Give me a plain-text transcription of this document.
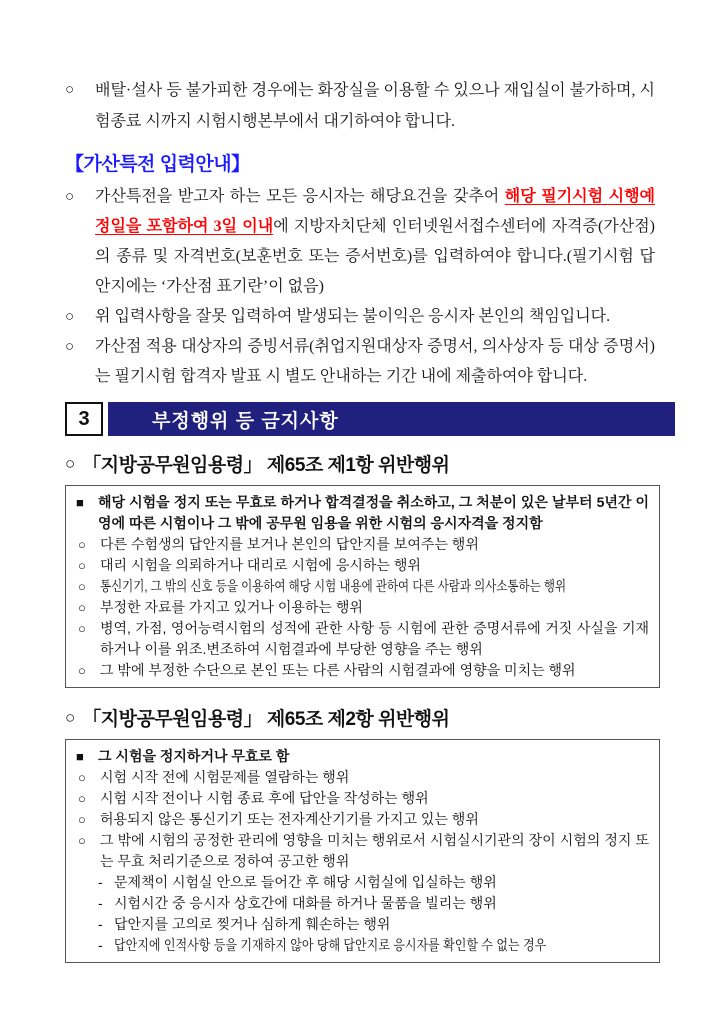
○	배탈·설사 등 불가피한 경우에는 화장실을 이용할 수 있으나 재입실이 불가하며, 시험종료 시까지 시험시행본부에서 대기하여야 합니다.
【가산특전 입력안내】
○	가산특전을 받고자 하는 모든 응시자는 해당요건을 갖추어 해당 필기시험 시행예정일을 포함하여 3일 이내에 지방자치단체 인터넷원서접수센터에 자격증(가산점)의 종류 및 자격번호(보훈번호 또는 증서번호)를 입력하여야 합니다.(필기시험 답안지에는 ‘가산점 표기란’이 없음)
○	위 입력사항을 잘못 입력하여 발생되는 불이익은 응시자 본인의 책임입니다.
○	가산점 적용 대상자의 증빙서류(취업지원대상자 증명서, 의사상자 등 대상 증명서)는 필기시험 합격자 발표 시 별도 안내하는 기간 내에 제출하여야 합니다.
3	부정행위 등 금지사항
○ 「지방공무원임용령」 제65조 제1항 위반행위
■	해당 시험을 정지 또는 무효로 하거나 합격결정을 취소하고, 그 처분이 있은 날부터 5년간 이 영에 따른 시험이나 그 밖에 공무원 임용을 위한 시험의 응시자격을 정지함
○	다른 수험생의 답안지를 보거나 본인의 답안지를 보여주는 행위
○	대리 시험을 의뢰하거나 대리로 시험에 응시하는 행위
○	통신기기, 그 밖의 신호 등을 이용하여 해당 시험 내용에 관하여 다른 사람과 의사소통하는 행위
○	부정한 자료를 가지고 있거나 이용하는 행위
○	병역, 가점, 영어능력시험의 성적에 관한 사항 등 시험에 관한 증명서류에 거짓 사실을 기재하거나 이를 위조.변조하여 시험결과에 부당한 영향을 주는 행위
○	그 밖에 부정한 수단으로 본인 또는 다른 사람의 시험결과에 영향을 미치는 행위
○ 「지방공무원임용령」 제65조 제2항 위반행위
■	그 시험을 정지하거나 무효로 함
○	시험 시작 전에 시험문제를 열람하는 행위
○	시험 시작 전이나 시험 종료 후에 답안을 작성하는 행위
○	허용되지 않은 통신기기 또는 전자계산기기를 가지고 있는 행위
○	그 밖에 시험의 공정한 관리에 영향을 미치는 행위로서 시험실시기관의 장이 시험의 정지 또는 무효 처리기준으로 정하여 공고한 행위
- 문제책이 시험실 안으로 들어간 후 해당 시험실에 입실하는 행위
- 시험시간 중 응시자 상호간에 대화를 하거나 물품을 빌리는 행위
- 답안지를 고의로 찢거나 심하게 훼손하는 행위
- 답안지에 인적사항 등을 기재하지 않아 당해 답안지로 응시자를 확인할 수 없는 경우
